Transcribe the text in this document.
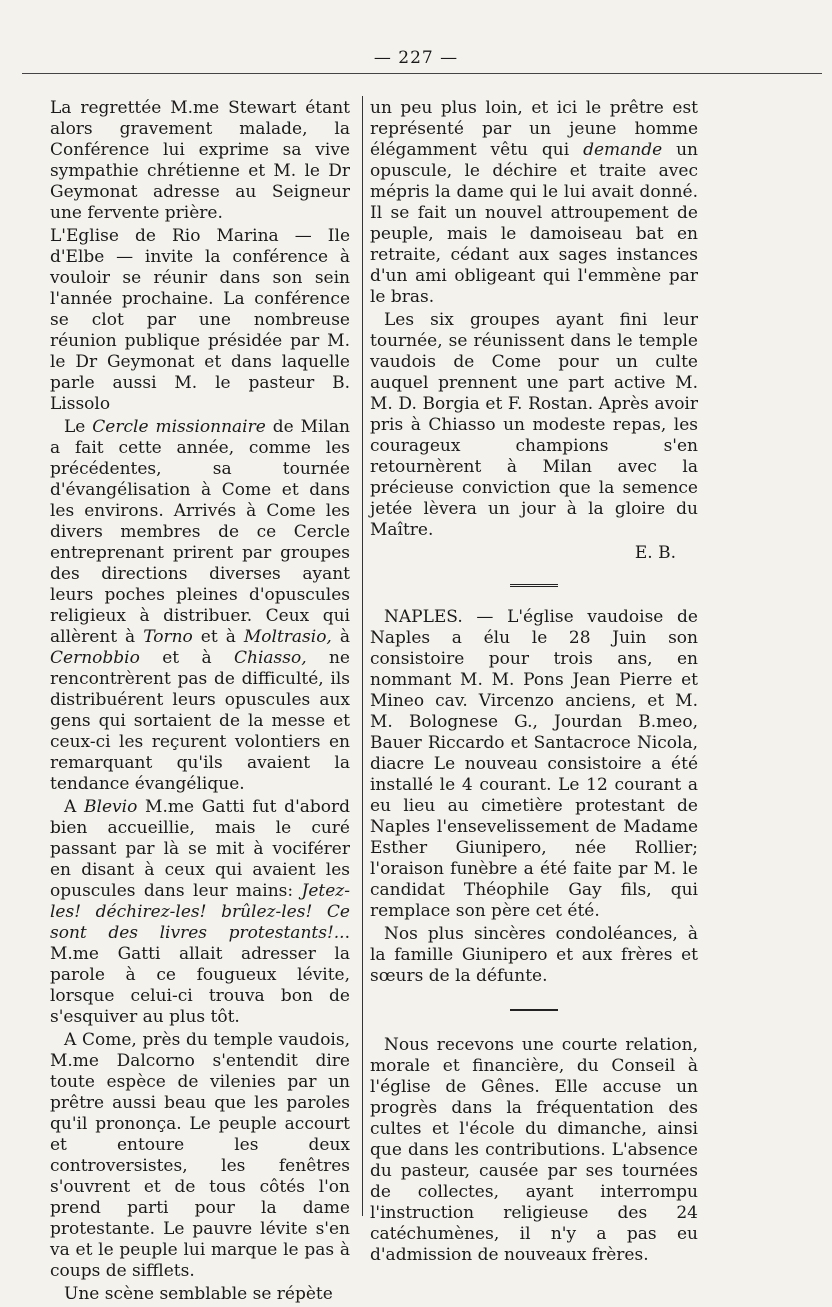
— 227 —

La regrettée M.me Stewart étant alors gravement malade, la Conférence lui exprime sa vive sympathie chrétienne et M. le Dr Geymonat adresse au Seigneur une fervente prière.

L'Eglise de Rio Marina — Ile d'Elbe — invite la conférence à vouloir se réunir dans son sein l'année prochaine. La conférence se clot par une nombreuse réunion publique présidée par M. le Dr Geymonat et dans laquelle parle aussi M. le pasteur B. Lissolo

Le Cercle missionnaire de Milan a fait cette année, comme les précédentes, sa tournée d'évangélisation à Come et dans les environs. Arrivés à Come les divers membres de ce Cercle entreprenant prirent par groupes des directions diverses ayant leurs poches pleines d'opuscules religieux à distribuer. Ceux qui allèrent à Torno et à Moltrasio, à Cernobbio et à Chiasso, ne rencontrèrent pas de difficulté, ils distribuérent leurs opuscules aux gens qui sortaient de la messe et ceux-ci les reçurent volontiers en remarquant qu'ils avaient la tendance évangélique.

A Blevio M.me Gatti fut d'abord bien accueillie, mais le curé passant par là se mit à vociférer en disant à ceux qui avaient les opuscules dans leur mains: Jetez-les! déchirez-les! brûlez-les! Ce sont des livres protestants!... M.me Gatti allait adresser la parole à ce fougueux lévite, lorsque celui-ci trouva bon de s'esquiver au plus tôt.

A Come, près du temple vaudois, M.me Dalcorno s'entendit dire toute espèce de vilenies par un prêtre aussi beau que les paroles qu'il prononça. Le peuple accourt et entoure les deux controversistes, les fenêtres s'ouvrent et de tous côtés l'on prend parti pour la dame protestante. Le pauvre lévite s'en va et le peuple lui marque le pas à coups de sifflets.

Une scène semblable se répète

un peu plus loin, et ici le prêtre est représenté par un jeune homme élégamment vêtu qui demande un opuscule, le déchire et traite avec mépris la dame qui le lui avait donné. Il se fait un nouvel attroupement de peuple, mais le damoiseau bat en retraite, cédant aux sages instances d'un ami obligeant qui l'emmène par le bras.

Les six groupes ayant fini leur tournée, se réunissent dans le temple vaudois de Come pour un culte auquel prennent une part active M. M. D. Borgia et F. Rostan. Après avoir pris à Chiasso un modeste repas, les courageux champions s'en retournèrent à Milan avec la précieuse conviction que la semence jetée lèvera un jour à la gloire du Maître.

E. B.

NAPLES. — L'église vaudoise de Naples a élu le 28 Juin son consistoire pour trois ans, en nommant M. M. Pons Jean Pierre et Mineo cav. Vircenzo anciens, et M. M. Bolognese G., Jourdan B.meo, Bauer Riccardo et Santacroce Nicola, diacre Le nouveau consistoire a été installé le 4 courant. Le 12 courant a eu lieu au cimetière protestant de Naples l'ensevelissement de Madame Esther Giunipero, née Rollier; l'oraison funèbre a été faite par M. le candidat Théophile Gay fils, qui remplace son père cet été.

Nos plus sincères condoléances, à la famille Giunipero et aux frères et sœurs de la défunte.

Nous recevons une courte relation, morale et financière, du Conseil à l'église de Gênes. Elle accuse un progrès dans la fréquentation des cultes et l'école du dimanche, ainsi que dans les contributions. L'absence du pasteur, causée par ses tournées de collectes, ayant interrompu l'instruction religieuse des 24 catéchumènes, il n'y a pas eu d'admission de nouveaux frères.
